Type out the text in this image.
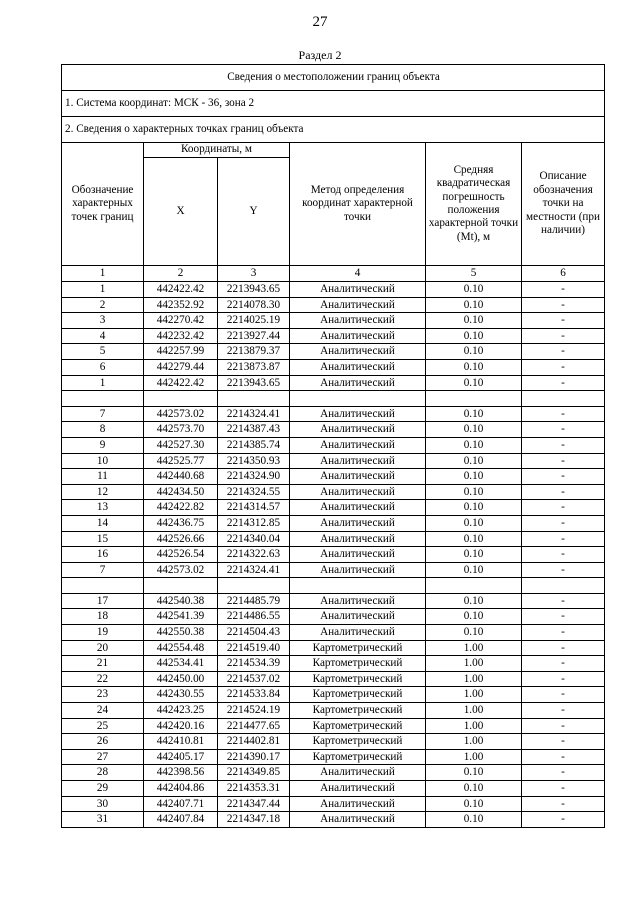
27
Раздел 2
Сведения о местоположении границ объекта					
1. Система координат: МСК - 36, зона 2					
2. Сведения о характерных точках границ объекта					
Обозначение характерных точек границ	Координаты, м		Метод определения координат характерной точки	Средняя квадратическая погрешность положения характерной точки (Mt), м	Описание обозначения точки на местности (при наличии)
	X	Y			
1	2	3	4	5	6
1	442422.42	2213943.65	Аналитический	0.10	-
2	442352.92	2214078.30	Аналитический	0.10	-
3	442270.42	2214025.19	Аналитический	0.10	-
4	442232.42	2213927.44	Аналитический	0.10	-
5	442257.99	2213879.37	Аналитический	0.10	-
6	442279.44	2213873.87	Аналитический	0.10	-
1	442422.42	2213943.65	Аналитический	0.10	-

7	442573.02	2214324.41	Аналитический	0.10	-
8	442573.70	2214387.43	Аналитический	0.10	-
9	442527.30	2214385.74	Аналитический	0.10	-
10	442525.77	2214350.93	Аналитический	0.10	-
11	442440.68	2214324.90	Аналитический	0.10	-
12	442434.50	2214324.55	Аналитический	0.10	-
13	442422.82	2214314.57	Аналитический	0.10	-
14	442436.75	2214312.85	Аналитический	0.10	-
15	442526.66	2214340.04	Аналитический	0.10	-
16	442526.54	2214322.63	Аналитический	0.10	-
7	442573.02	2214324.41	Аналитический	0.10	-

17	442540.38	2214485.79	Аналитический	0.10	-
18	442541.39	2214486.55	Аналитический	0.10	-
19	442550.38	2214504.43	Аналитический	0.10	-
20	442554.48	2214519.40	Картометрический	1.00	-
21	442534.41	2214534.39	Картометрический	1.00	-
22	442450.00	2214537.02	Картометрический	1.00	-
23	442430.55	2214533.84	Картометрический	1.00	-
24	442423.25	2214524.19	Картометрический	1.00	-
25	442420.16	2214477.65	Картометрический	1.00	-
26	442410.81	2214402.81	Картометрический	1.00	-
27	442405.17	2214390.17	Картометрический	1.00	-
28	442398.56	2214349.85	Аналитический	0.10	-
29	442404.86	2214353.31	Аналитический	0.10	-
30	442407.71	2214347.44	Аналитический	0.10	-
31	442407.84	2214347.18	Аналитический	0.10	-
